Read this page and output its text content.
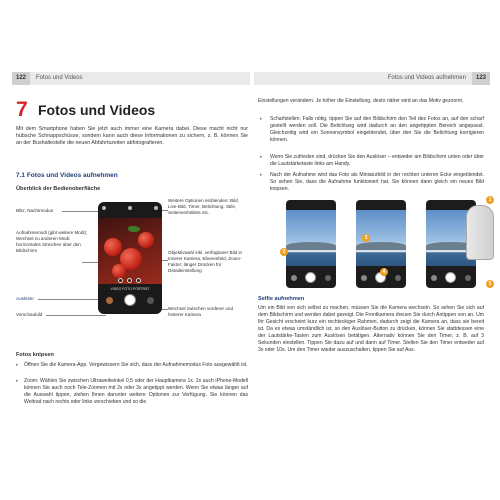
122 Fotos und Videos
7 Fotos und Videos

Mit dem Smartphone haben Sie jetzt auch immer eine Kamera dabei. Diese macht nicht nur hübsche Schnappschüsse, sondern kann auch diese Informationen zu sichern, z. B. können Sie an der Bushaltestelle die neuen Abfahrtszeiten abfotografieren.

7.1 Fotos und Videos aufnehmen
Überblick der Bedienoberfläche
Blitz, Nachtmodus
Weitere Optionen einblenden: Bild, Live-Bild, Timer, Belichtung, Stile, Seitenverhältnis etc.
Aufnahmemodi (gibt weitere Modi); Wechsel zu anderen Modi: horizontales Streichen über den Bildschirm	Objektivwahl inkl. verfügbarer Bild in Innerer Kamera, Ebenenfeld, Zoom-Faktor; länger Drücken für Detaileinstellung
Auslöser
Vorschaubild
Wechsel zwischen vorderer und hinterer Kamera
VIDEO FOTO PORTRÄT
Fotos knipsen
▸ Öffnen Sie die Kamera-App. Vergewissern Sie sich, dass der Aufnahmemodus Foto ausgewählt ist.
▸ Zoom: Wählen Sie zwischen Ultraweitwinkel 0,5 oder der Hauptkamera 1x. 2x auch iPhone-Modell können Sie auch noch Tele-Zoomen mit 2x oder 3x angetippt werden. Wenn Sie etwas länger auf die Auswahl tippen, ziehen Ihnen darunter weitere Optionen zur Verfügung. Sie können das Weitrad nach rechts oder links verschieben und so die
Fotos und Videos aufnehmen 123

Einstellungen verändern. Je höher die Einstellung, desto näher wird an das Motiv gezoomt.

▸ Scharfstellen: Falls nötig, tippen Sie auf den Bildschirm den Teil des Fotos an, auf den scharf gestellt werden soll. Die Belichtung wird dadurch an den angetippten Bereich angepasst. Gleichzeitig wird ein Sonnensymbol eingeblendet, über den Sie die Belichtung korrigieren können.
▸ Wenn Sie zufrieden sind, drücken Sie den Auslöser – entweder am Bildschirm unten oder über die Lautstärketaste links am Handy.
▸ Nach der Aufnahme wird das Foto als Miniaturbild in der rechten unteren Ecke eingeblendet. So sehen Sie, dass die Aufnahme funktioniert hat. Sie können dann gleich ein neues Bild knipsen.
2
3
4
1
5
Selfie aufnehmen

Um ein Bild von sich selbst zu machen, müssen Sie die Kamera wechseln. So sehen Sie sich auf dem Bildschirm und werden dabei gezeigt. Die Frontkamera dreuen Sie durch Antippen von an. Um Ihr Gesicht erscheint kurz ein rechteckiger Rahmen, dadurch zeigt die Kamera an, dass sie bereit ist. Da es etwas umständlich ist, so den Auslöser-Button zu drücken, können Sie stattdessen eine der Lautstärke-Tasten zum Auslösen betätigen. Alternativ können Sie den Timer, z. B. auf 3 Sekunden einstellen. Tippen Sie dazu auf und dann auf Timer. Stellen Sie den Timer entweder auf 3s oder 10s. Um den Timer wieder auszuschalten, tippen Sie auf Aus.
